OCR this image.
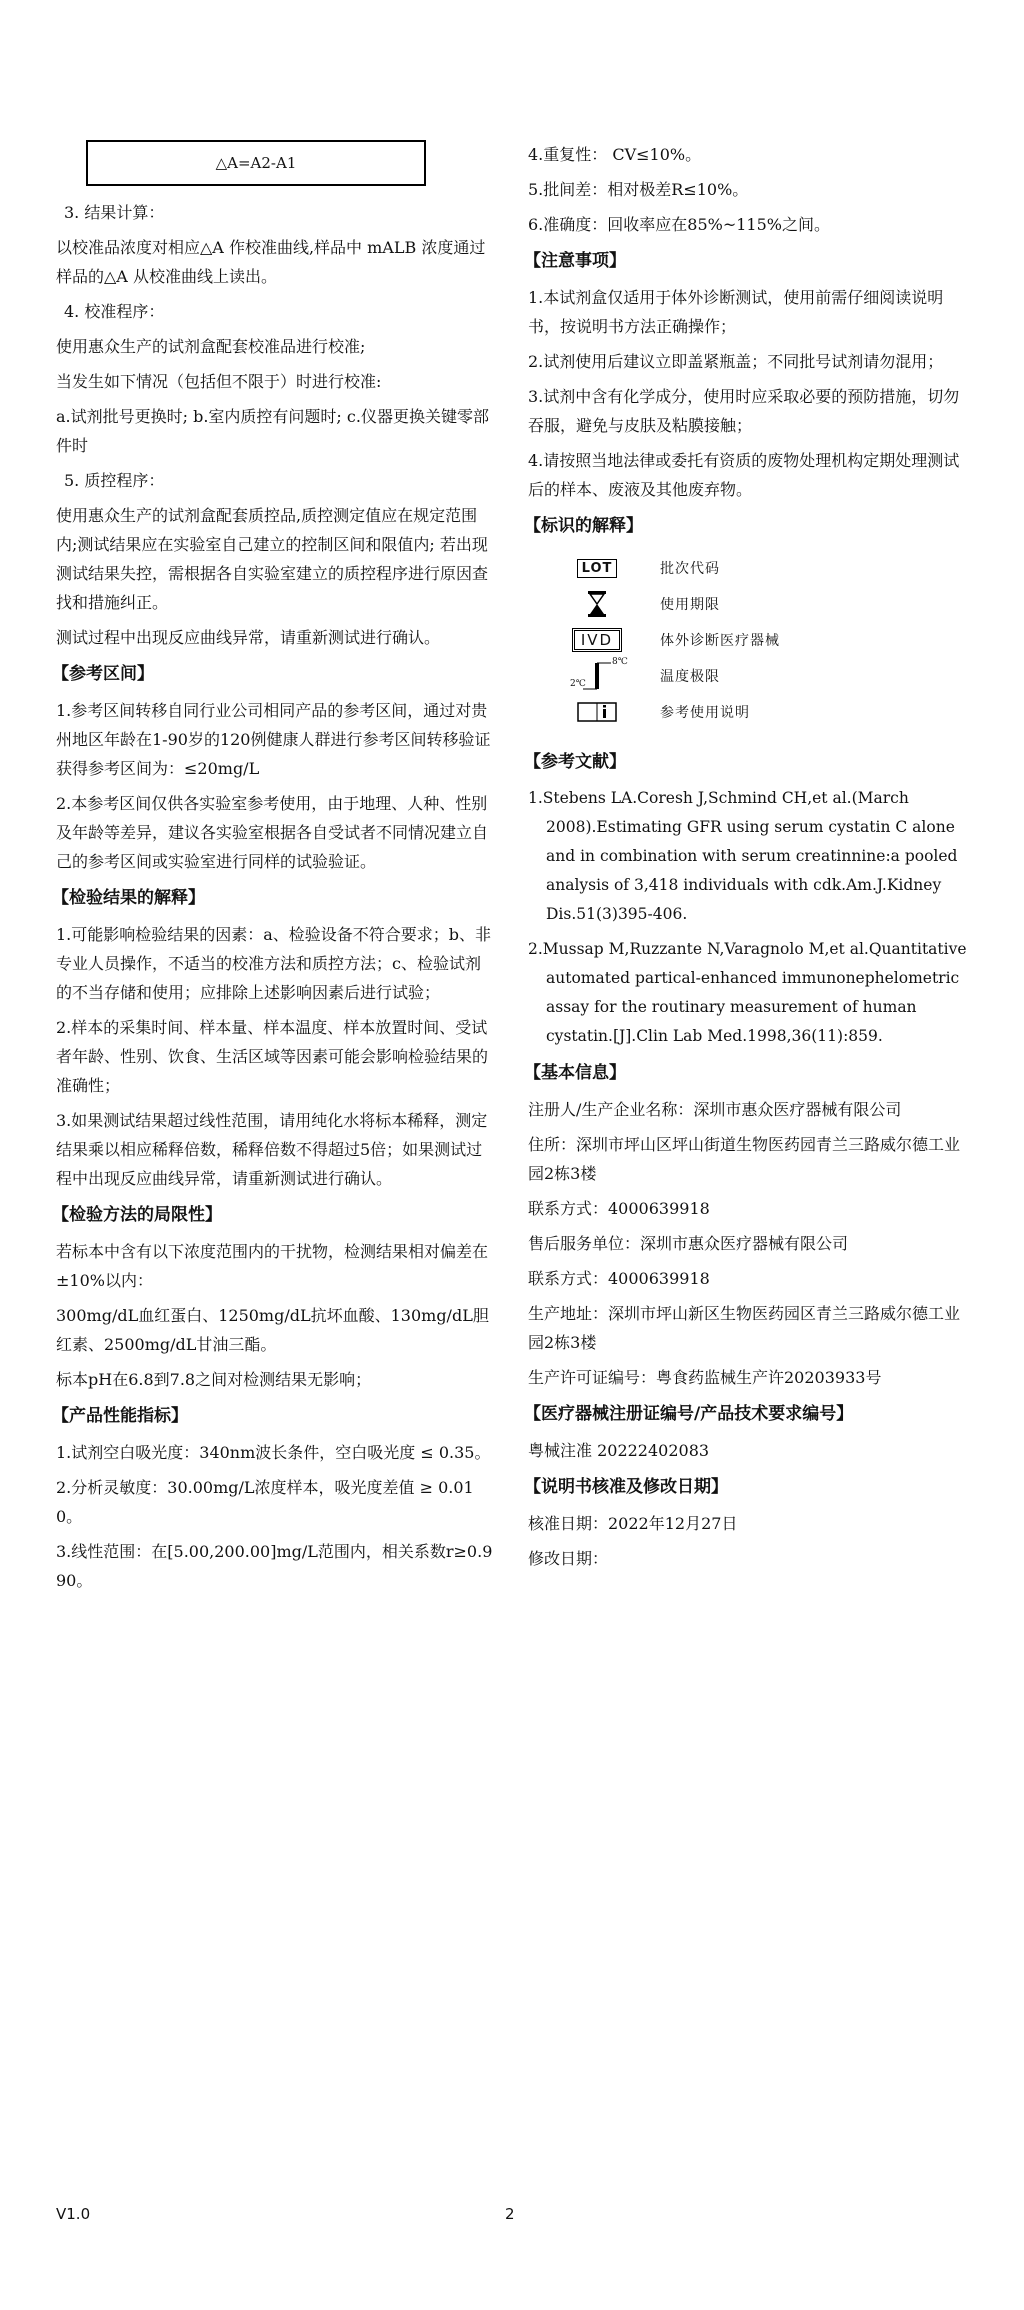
△A=A2-A1
3. 结果计算：
以校准品浓度对相应△A 作校准曲线,样品中 mALB 浓度通过样品的△A 从校准曲线上读出。
4. 校准程序：
使用惠众生产的试剂盒配套校准品进行校准;
当发生如下情况（包括但不限于）时进行校准:
a.试剂批号更换时; b.室内质控有问题时; c.仪器更换关键零部件时
5. 质控程序：
使用惠众生产的试剂盒配套质控品,质控测定值应在规定范围内;测试结果应在实验室自己建立的控制区间和限值内; 若出现测试结果失控，需根据各自实验室建立的质控程序进行原因查找和措施纠正。
测试过程中出现反应曲线异常，请重新测试进行确认。
【参考区间】
1.参考区间转移自同行业公司相同产品的参考区间，通过对贵州地区年龄在1-90岁的120例健康人群进行参考区间转移验证获得参考区间为：≤20mg/L
2.本参考区间仅供各实验室参考使用，由于地理、人种、性别及年龄等差异，建议各实验室根据各自受试者不同情况建立自己的参考区间或实验室进行同样的试验验证。
【检验结果的解释】
1.可能影响检验结果的因素：a、检验设备不符合要求；b、非专业人员操作，不适当的校准方法和质控方法；c、检验试剂的不当存储和使用；应排除上述影响因素后进行试验；
2.样本的采集时间、样本量、样本温度、样本放置时间、受试者年龄、性别、饮食、生活区域等因素可能会影响检验结果的准确性；
3.如果测试结果超过线性范围，请用纯化水将标本稀释，测定结果乘以相应稀释倍数，稀释倍数不得超过5倍；如果测试过程中出现反应曲线异常，请重新测试进行确认。
【检验方法的局限性】
若标本中含有以下浓度范围内的干扰物，检测结果相对偏差在±10%以内：
300mg/dL血红蛋白、1250mg/dL抗坏血酸、130mg/dL胆红素、2500mg/dL甘油三酯。
标本pH在6.8到7.8之间对检测结果无影响；
【产品性能指标】
1.试剂空白吸光度：340nm波长条件，空白吸光度 ≤ 0.35。
2.分析灵敏度：30.00mg/L浓度样本，吸光度差值 ≥ 0.010。
3.线性范围：在[5.00,200.00]mg/L范围内，相关系数r≥0.990。
4.重复性： CV≤10%。
5.批间差：相对极差R≤10%。
6.准确度：回收率应在85%~115%之间。
【注意事项】
1.本试剂盒仅适用于体外诊断测试，使用前需仔细阅读说明书，按说明书方法正确操作；
2.试剂使用后建议立即盖紧瓶盖；不同批号试剂请勿混用；
3.试剂中含有化学成分，使用时应采取必要的预防措施，切勿吞服，避免与皮肤及粘膜接触；
4.请按照当地法律或委托有资质的废物处理机构定期处理测试后的样本、废液及其他废弃物。
【标识的解释】
LOT	批次代码
使用期限
IVD	体外诊断医疗器械
8℃
2℃	温度极限
参考使用说明
【参考文献】
1.Stebens LA.Coresh J,Schmind CH,et al.(March 2008).Estimating GFR using serum cystatin C alone and in combination with serum creatinnine:a pooled analysis of 3,418 individuals with cdk.Am.J.Kidney Dis.51(3)395-406.
2.Mussap M,Ruzzante N,Varagnolo M,et al.Quantitative automated partical-enhanced immunonephelometric assay for the routinary measurement of human cystatin.[J].Clin Lab Med.1998,36(11):859.
【基本信息】
注册人/生产企业名称：深圳市惠众医疗器械有限公司
住所：深圳市坪山区坪山街道生物医药园青兰三路威尔德工业园2栋3楼
联系方式：4000639918
售后服务单位：深圳市惠众医疗器械有限公司
联系方式：4000639918
生产地址：深圳市坪山新区生物医药园区青兰三路威尔德工业园2栋3楼
生产许可证编号：粤食药监械生产许20203933号
【医疗器械注册证编号/产品技术要求编号】
粤械注准 20222402083
【说明书核准及修改日期】
核准日期：2022年12月27日
修改日期：
V1.0	2
